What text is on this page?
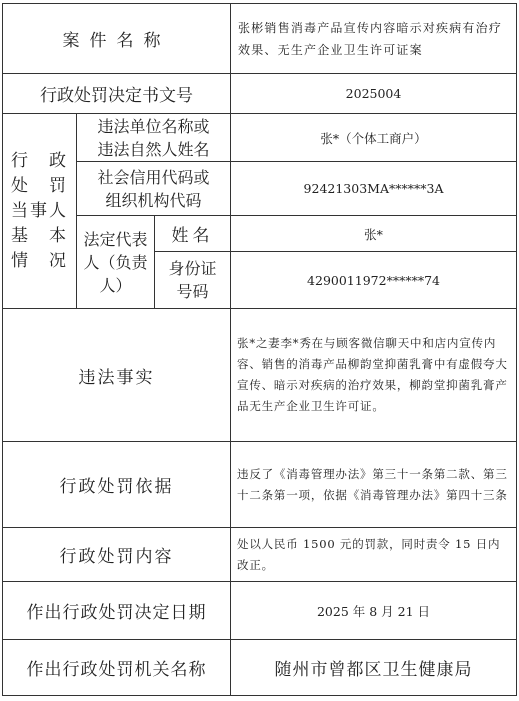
案件名称			张彬销售消毒产品宣传内容暗示对疾病有治疗效果、无生产企业卫生许可证案
行政处罚决定书文号			2025004

行　政
处　罚
当事人
基　本
情　况	违法单位名称或违法自然人姓名		张*（个体工商户）
	社会信用代码或组织机构代码		92421303MA******3A
	法定代表人（负责人）	姓名	张*
		身份证号码	4290011972******74
违法事实			张*之妻李*秀在与顾客微信聊天中和店内宣传内容、销售的消毒产品柳韵堂抑菌乳膏中有虚假夸大宣传、暗示对疾病的治疗效果，柳韵堂抑菌乳膏产品无生产企业卫生许可证。
行政处罚依据			违反了《消毒管理办法》第三十一条第二款、第三十二条第一项，依据《消毒管理办法》第四十三条
行政处罚内容			处以人民币 1500 元的罚款，同时责令 15 日内改正。
作出行政处罚决定日期			2025 年 8 月 21 日
作出行政处罚机关名称			随州市曾都区卫生健康局
